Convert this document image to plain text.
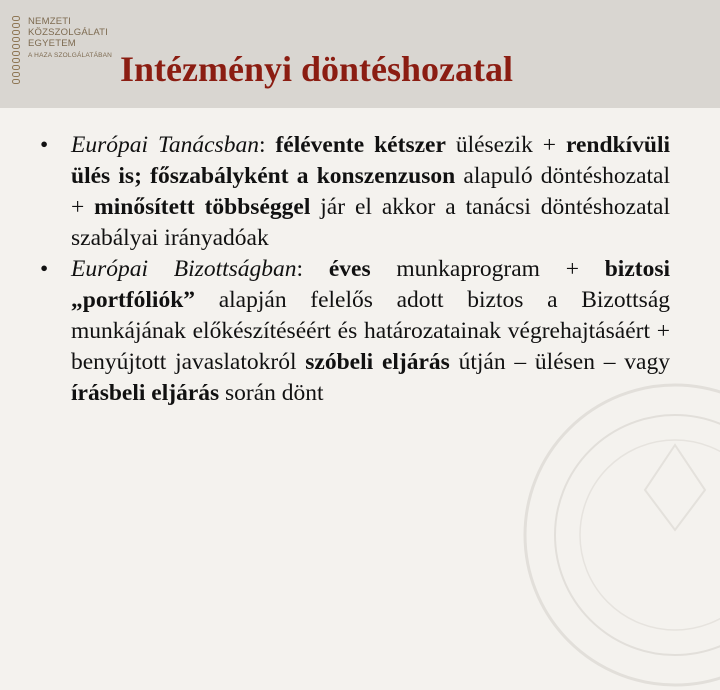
NEMZETI
KÖZSZOLGÁLATI
EGYETEM
A HAZA SZOLGÁLATÁBAN Intézményi döntéshozatal
• Európai Tanácsban: félévente kétszer ülésezik + rendkívüli ülés is; főszabályként a konszenzuson alapuló döntéshozatal + minősített többséggel jár el akkor a tanácsi döntéshozatal szabályai irányadóak
• Európai Bizottságban: éves munkaprogram + biztosi „portfóliók” alapján felelős adott biztos a Bizottság munkájának előkészítéséért és határozatainak végrehajtásáért + benyújtott javaslatokról szóbeli eljárás útján – ülésen – vagy írásbeli eljárás során dönt
